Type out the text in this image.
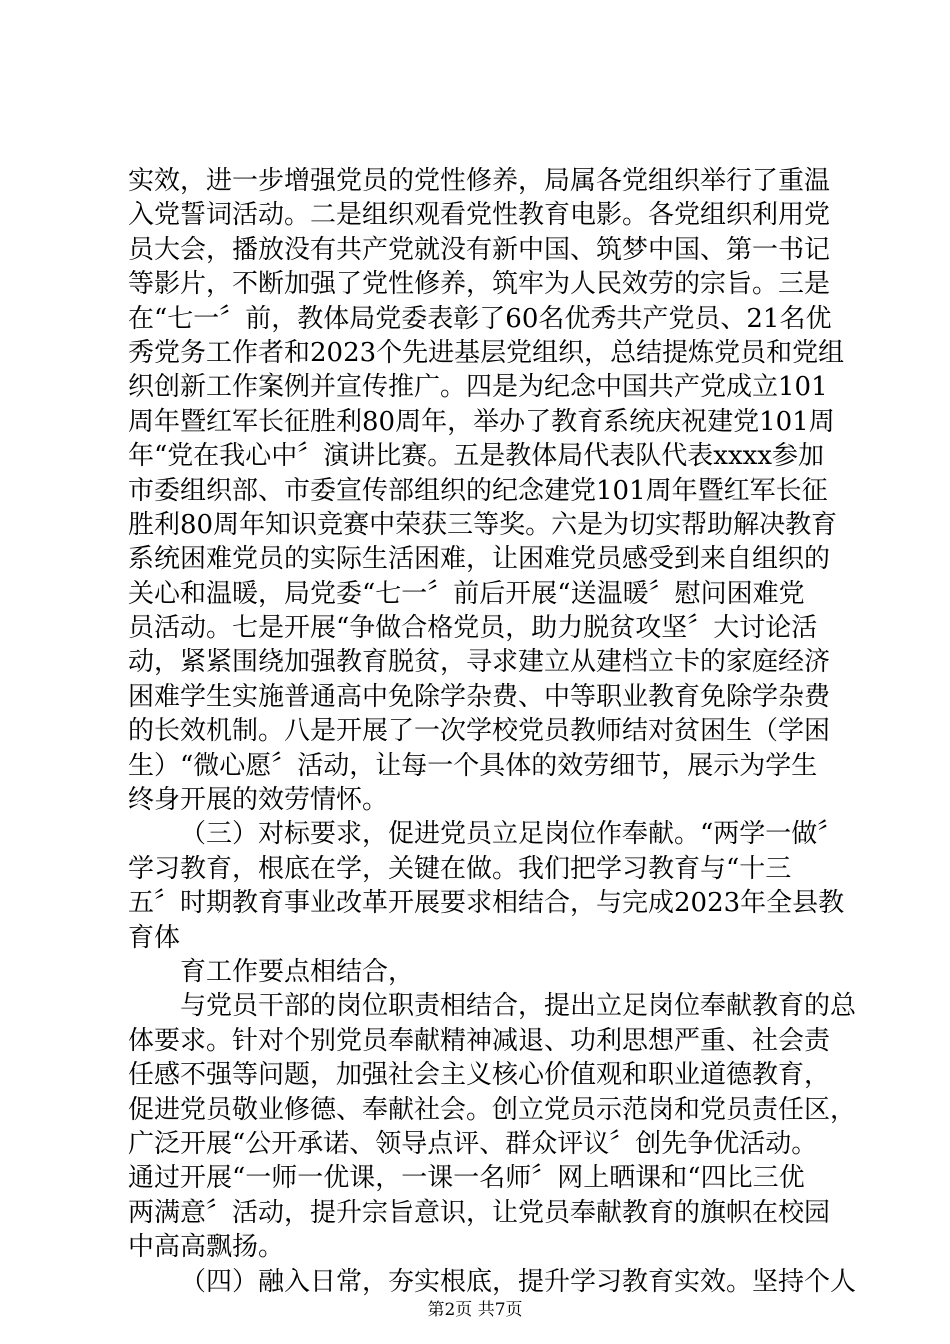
实效，进一步增强党员的党性修养，局属各党组织举行了重温
入党誓词活动。二是组织观看党性教育电影。各党组织利用党
员大会，播放没有共产党就没有新中国、筑梦中国、第一书记
等影片，不断加强了党性修养，筑牢为人民效劳的宗旨。三是
在“七一〞前，教体局党委表彰了60名优秀共产党员、21名优
秀党务工作者和2023个先进基层党组织，总结提炼党员和党组
织创新工作案例并宣传推广。四是为纪念中国共产党成立101
周年暨红军长征胜利80周年，举办了教育系统庆祝建党101周
年“党在我心中〞演讲比赛。五是教体局代表队代表xxxx参加
市委组织部、市委宣传部组织的纪念建党101周年暨红军长征
胜利80周年知识竞赛中荣获三等奖。六是为切实帮助解决教育
系统困难党员的实际生活困难，让困难党员感受到来自组织的
关心和温暖，局党委“七一〞前后开展“送温暖〞慰问困难党
员活动。七是开展“争做合格党员，助力脱贫攻坚〞大讨论活
动，紧紧围绕加强教育脱贫，寻求建立从建档立卡的家庭经济
困难学生实施普通高中免除学杂费、中等职业教育免除学杂费
的长效机制。八是开展了一次学校党员教师结对贫困生（学困
生）“微心愿〞活动，让每一个具体的效劳细节，展示为学生
终身开展的效劳情怀。
（三）对标要求，促进党员立足岗位作奉献。“两学一做〞
学习教育，根底在学，关键在做。我们把学习教育与“十三
五〞时期教育事业改革开展要求相结合，与完成2023年全县教
育体
育工作要点相结合，
与党员干部的岗位职责相结合，提出立足岗位奉献教育的总
体要求。针对个别党员奉献精神减退、功利思想严重、社会责
任感不强等问题，加强社会主义核心价值观和职业道德教育，
促进党员敬业修德、奉献社会。创立党员示范岗和党员责任区，
广泛开展“公开承诺、领导点评、群众评议〞创先争优活动。
通过开展“一师一优课，一课一名师〞网上晒课和“四比三优
两满意〞活动，提升宗旨意识，让党员奉献教育的旗帜在校园
中高高飘扬。
（四）融入日常，夯实根底，提升学习教育实效。坚持个人
第2页 共7页
